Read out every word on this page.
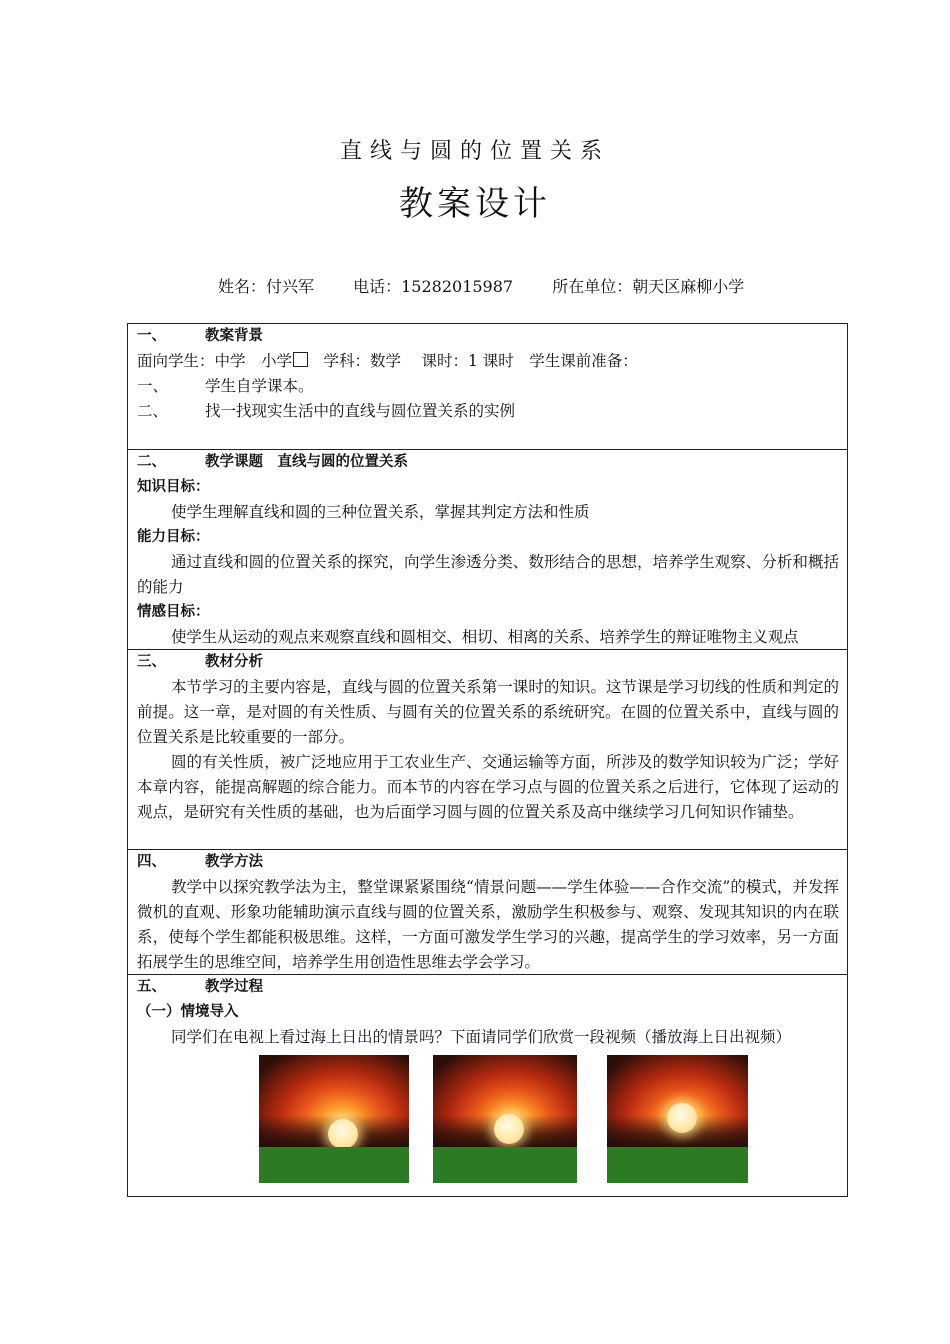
直线与圆的位置关系
教案设计
姓名：付兴军 电话：15282015987 所在单位：朝天区麻柳小学
一、	教案背景
面向学生：中学　小学　学科：数学　 课时：1 课时　学生课前准备：
一、 学生自学课本。
二、 找一找现实生活中的直线与圆位置关系的实例
二、	教学课题　直线与圆的位置关系
知识目标：
使学生理解直线和圆的三种位置关系，掌握其判定方法和性质
能力目标：
通过直线和圆的位置关系的探究，向学生渗透分类、数形结合的思想，培养学生观察、分析和概括的能力
情感目标：
使学生从运动的观点来观察直线和圆相交、相切、相离的关系、培养学生的辩证唯物主义观点
三、	教材分析
本节学习的主要内容是，直线与圆的位置关系第一课时的知识。这节课是学习切线的性质和判定的前提。这一章，是对圆的有关性质、与圆有关的位置关系的系统研究。在圆的位置关系中，直线与圆的位置关系是比较重要的一部分。
圆的有关性质，被广泛地应用于工农业生产、交通运输等方面，所涉及的数学知识较为广泛；学好本章内容，能提高解题的综合能力。而本节的内容在学习点与圆的位置关系之后进行，它体现了运动的观点，是研究有关性质的基础，也为后面学习圆与圆的位置关系及高中继续学习几何知识作铺垫。
四、	教学方法
教学中以探究教学法为主，整堂课紧紧围绕“情景问题——学生体验——合作交流”的模式，并发挥微机的直观、形象功能辅助演示直线与圆的位置关系，激励学生积极参与、观察、发现其知识的内在联系，使每个学生都能积极思维。这样，一方面可激发学生学习的兴趣，提高学生的学习效率，另一方面拓展学生的思维空间，培养学生用创造性思维去学会学习。
五、	教学过程
（一）情境导入
同学们在电视上看过海上日出的情景吗？下面请同学们欣赏一段视频（播放海上日出视频）
